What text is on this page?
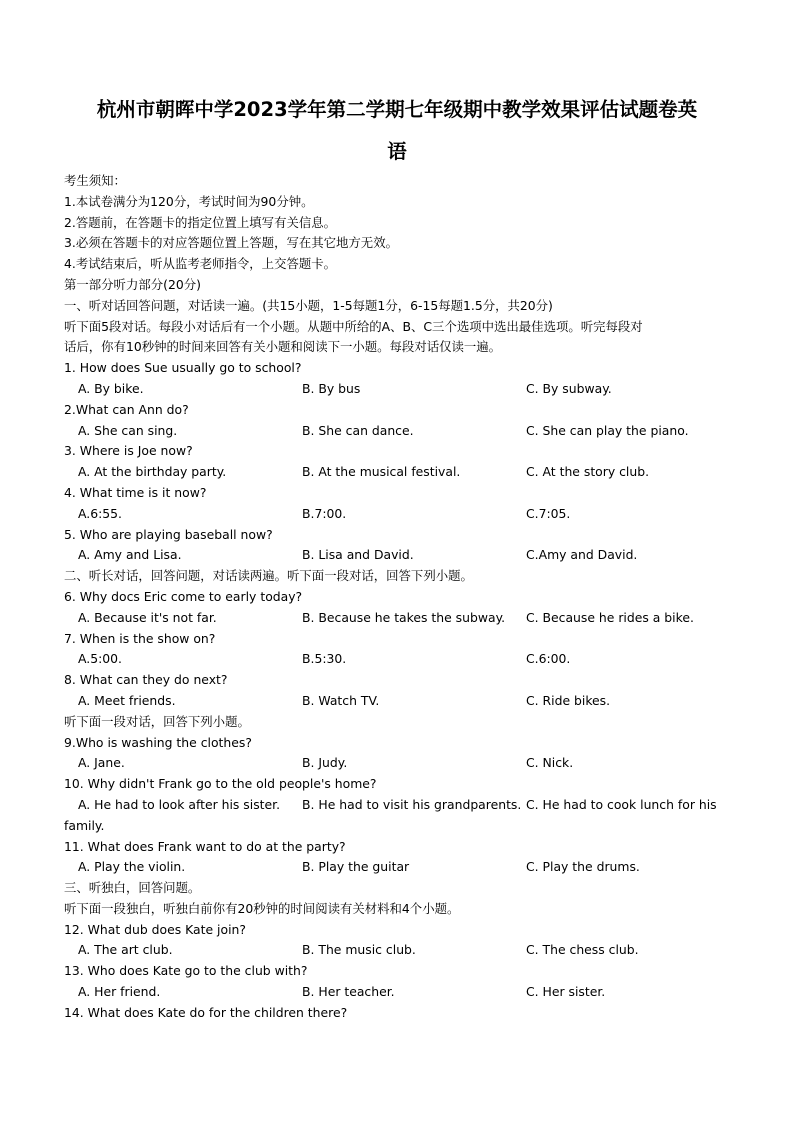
杭州市朝晖中学2023学年第二学期七年级期中教学效果评估试题卷英
语
考生须知：
1.本试卷满分为120分，考试时间为90分钟。
2.答题前，在答题卡的指定位置上填写有关信息。
3.必须在答题卡的对应答题位置上答题，写在其它地方无效。
4.考试结束后，听从监考老师指令，上交答题卡。
第一部分听力部分(20分)
一、听对话回答问题，对话读一遍。(共15小题，1-5每题1分，6-15每题1.5分，共20分)
听下面5段对话。每段小对话后有一个小题。从题中所给的A、B、C三个选项中选出最佳选项。听完每段对
话后，你有10秒钟的时间来回答有关小题和阅读下一小题。每段对话仅读一遍。
1. How does Sue usually go to school?
A. By bike.	B. By bus	C. By subway.
2.What can Ann do?
A. She can sing.	B. She can dance.	C. She can play the piano.
3. Where is Joe now?
A. At the birthday party.	B. At the musical festival.	C. At the story club.
4. What time is it now?
A.6:55.	B.7:00.	C.7:05.
5. Who are playing baseball now?
A. Amy and Lisa.	B. Lisa and David.	C.Amy and David.
二、听长对话，回答问题，对话读两遍。听下面一段对话，回答下列小题。
6. Why docs Eric come to early today?
A. Because it's not far.	B. Because he takes the subway. C. Because he rides a bike.
7. When is the show on?
A.5:00.	B.5:30.	C.6:00.
8. What can they do next?
A. Meet friends.	B. Watch TV.	C. Ride bikes.
听下面一段对话，回答下列小题。
9.Who is washing the clothes?
A. Jane.	B. Judy.	C. Nick.
10. Why didn't Frank go to the old people's home?
A. He had to look after his sister. B. He had to visit his grandparents. C. He had to cook lunch for his
family.
11. What does Frank want to do at the party?
A. Play the violin.	B. Play the guitar	C. Play the drums.
三、听独白，回答问题。
听下面一段独白，听独白前你有20秒钟的时间阅读有关材料和4个小题。
12. What dub does Kate join?
A. The art club.	B. The music club.	C. The chess club.
13. Who does Kate go to the club with?
A. Her friend.	B. Her teacher.	C. Her sister.
14. What does Kate do for the children there?
